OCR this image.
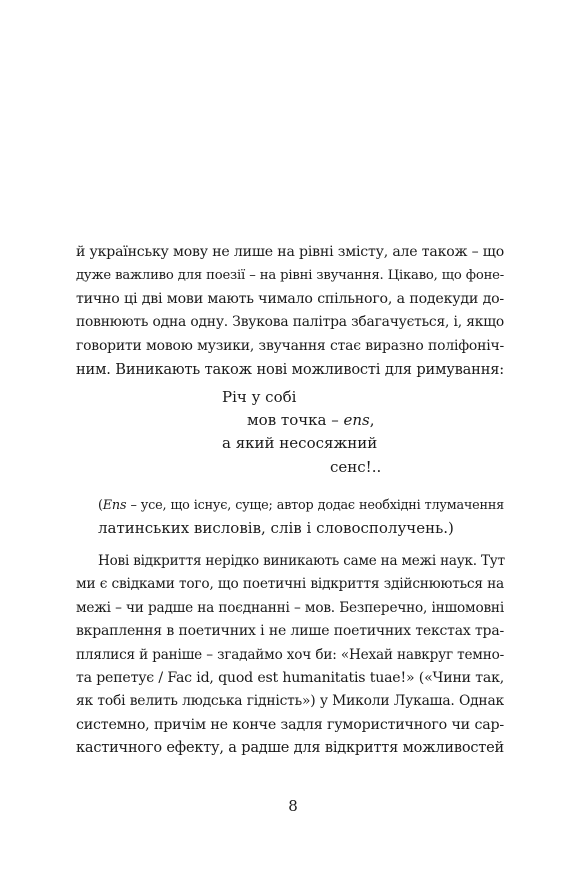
й українську мову не лише на рівні змісту, але також – що
дуже важливо для поезії – на рівні звучання. Цікаво, що фоне-
тично ці дві мови мають чимало спільного, а подекуди до-
повнюють одна одну. Звукова палітра збагачується, і, якщо
говорити мовою музики, звучання стає виразно поліфоніч-
ним. Виникають також нові можливості для римування:
Річ у собі
мов точка – ens,
а який несосяжний
сенс!..
(Ens – усе, що існує, суще; автор додає необхідні тлумачення
латинських висловів, слів і словосполучень.)
Нові відкриття нерідко виникають саме на межі наук. Тут
ми є свідками того, що поетичні відкриття здійснюються на
межі – чи радше на поєднанні – мов. Безперечно, іншомовні
вкраплення в поетичних і не лише поетичних текстах тра-
плялися й раніше – згадаймо хоч би: «Нехай навкруг темно-
та репетує / Fac id, quod est humanitatis tuae!» («Чини так,
як тобі велить людська гідність») у Миколи Лукаша. Однак
системно, причім не конче задля гумористичного чи сар-
кастичного ефекту, а радше для відкриття можливостей
8
